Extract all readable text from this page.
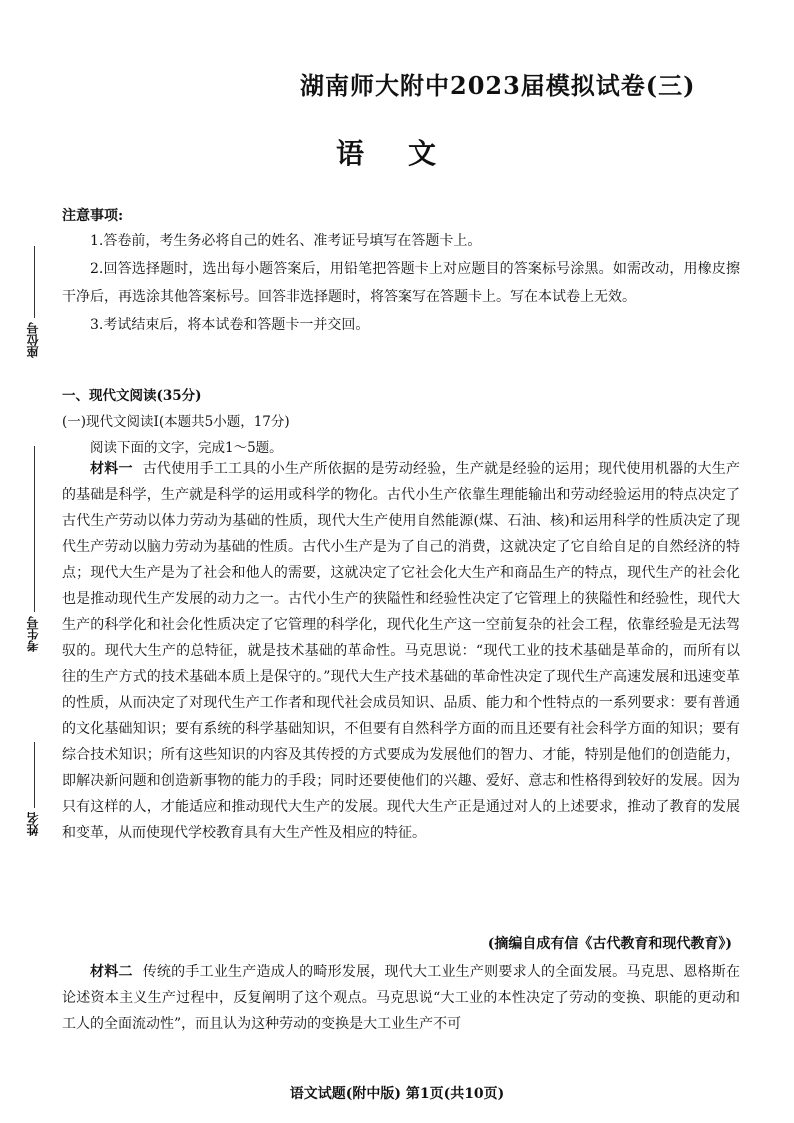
湖南师大附中2023届模拟试卷(三)
语文
注意事项:

1.答卷前，考生务必将自己的姓名、准考证号填写在答题卡上。

2.回答选择题时，选出每小题答案后，用铅笔把答题卡上对应题目的答案标号涂黑。如需改动，用橡皮擦干净后，再选涂其他答案标号。回答非选择题时，将答案写在答题卡上。写在本试卷上无效。

3.考试结束后，将本试卷和答题卡一并交回。

一、现代文阅读(35分)
(一)现代文阅读Ⅰ(本题共5小题，17分)
阅读下面的文字，完成1～5题。

材料一 古代使用手工工具的小生产所依据的是劳动经验，生产就是经验的运用；现代使用机器的大生产的基础是科学，生产就是科学的运用或科学的物化。古代小生产依靠生理能输出和劳动经验运用的特点决定了古代生产劳动以体力劳动为基础的性质，现代大生产使用自然能源(煤、石油、核)和运用科学的性质决定了现代生产劳动以脑力劳动为基础的性质。古代小生产是为了自己的消费，这就决定了它自给自足的自然经济的特点；现代大生产是为了社会和他人的需要，这就决定了它社会化大生产和商品生产的特点，现代生产的社会化也是推动现代生产发展的动力之一。古代小生产的狭隘性和经验性决定了它管理上的狭隘性和经验性，现代大生产的科学化和社会化性质决定了它管理的科学化，现代化生产这一空前复杂的社会工程，依靠经验是无法驾驭的。现代大生产的总特征，就是技术基础的革命性。马克思说：“现代工业的技术基础是革命的，而所有以往的生产方式的技术基础本质上是保守的。”现代大生产技术基础的革命性决定了现代生产高速发展和迅速变革的性质，从而决定了对现代生产工作者和现代社会成员知识、品质、能力和个性特点的一系列要求：要有普通的文化基础知识；要有系统的科学基础知识，不但要有自然科学方面的而且还要有社会科学方面的知识；要有综合技术知识；所有这些知识的内容及其传授的方式要成为发展他们的智力、才能，特别是他们的创造能力，即解决新问题和创造新事物的能力的手段；同时还要使他们的兴趣、爱好、意志和性格得到较好的发展。因为只有这样的人，才能适应和推动现代大生产的发展。现代大生产正是通过对人的上述要求，推动了教育的发展和变革，从而使现代学校教育具有大生产性及相应的特征。

(摘编自成有信《古代教育和现代教育》)

材料二 传统的手工业生产造成人的畸形发展，现代大工业生产则要求人的全面发展。马克思、恩格斯在论述资本主义生产过程中，反复阐明了这个观点。马克思说“大工业的本性决定了劳动的变换、职能的更动和工人的全面流动性”，而且认为这种劳动的变换是大工业生产不可

座位号
考生号
姓名
语文试题(附中版) 第1页(共10页)
